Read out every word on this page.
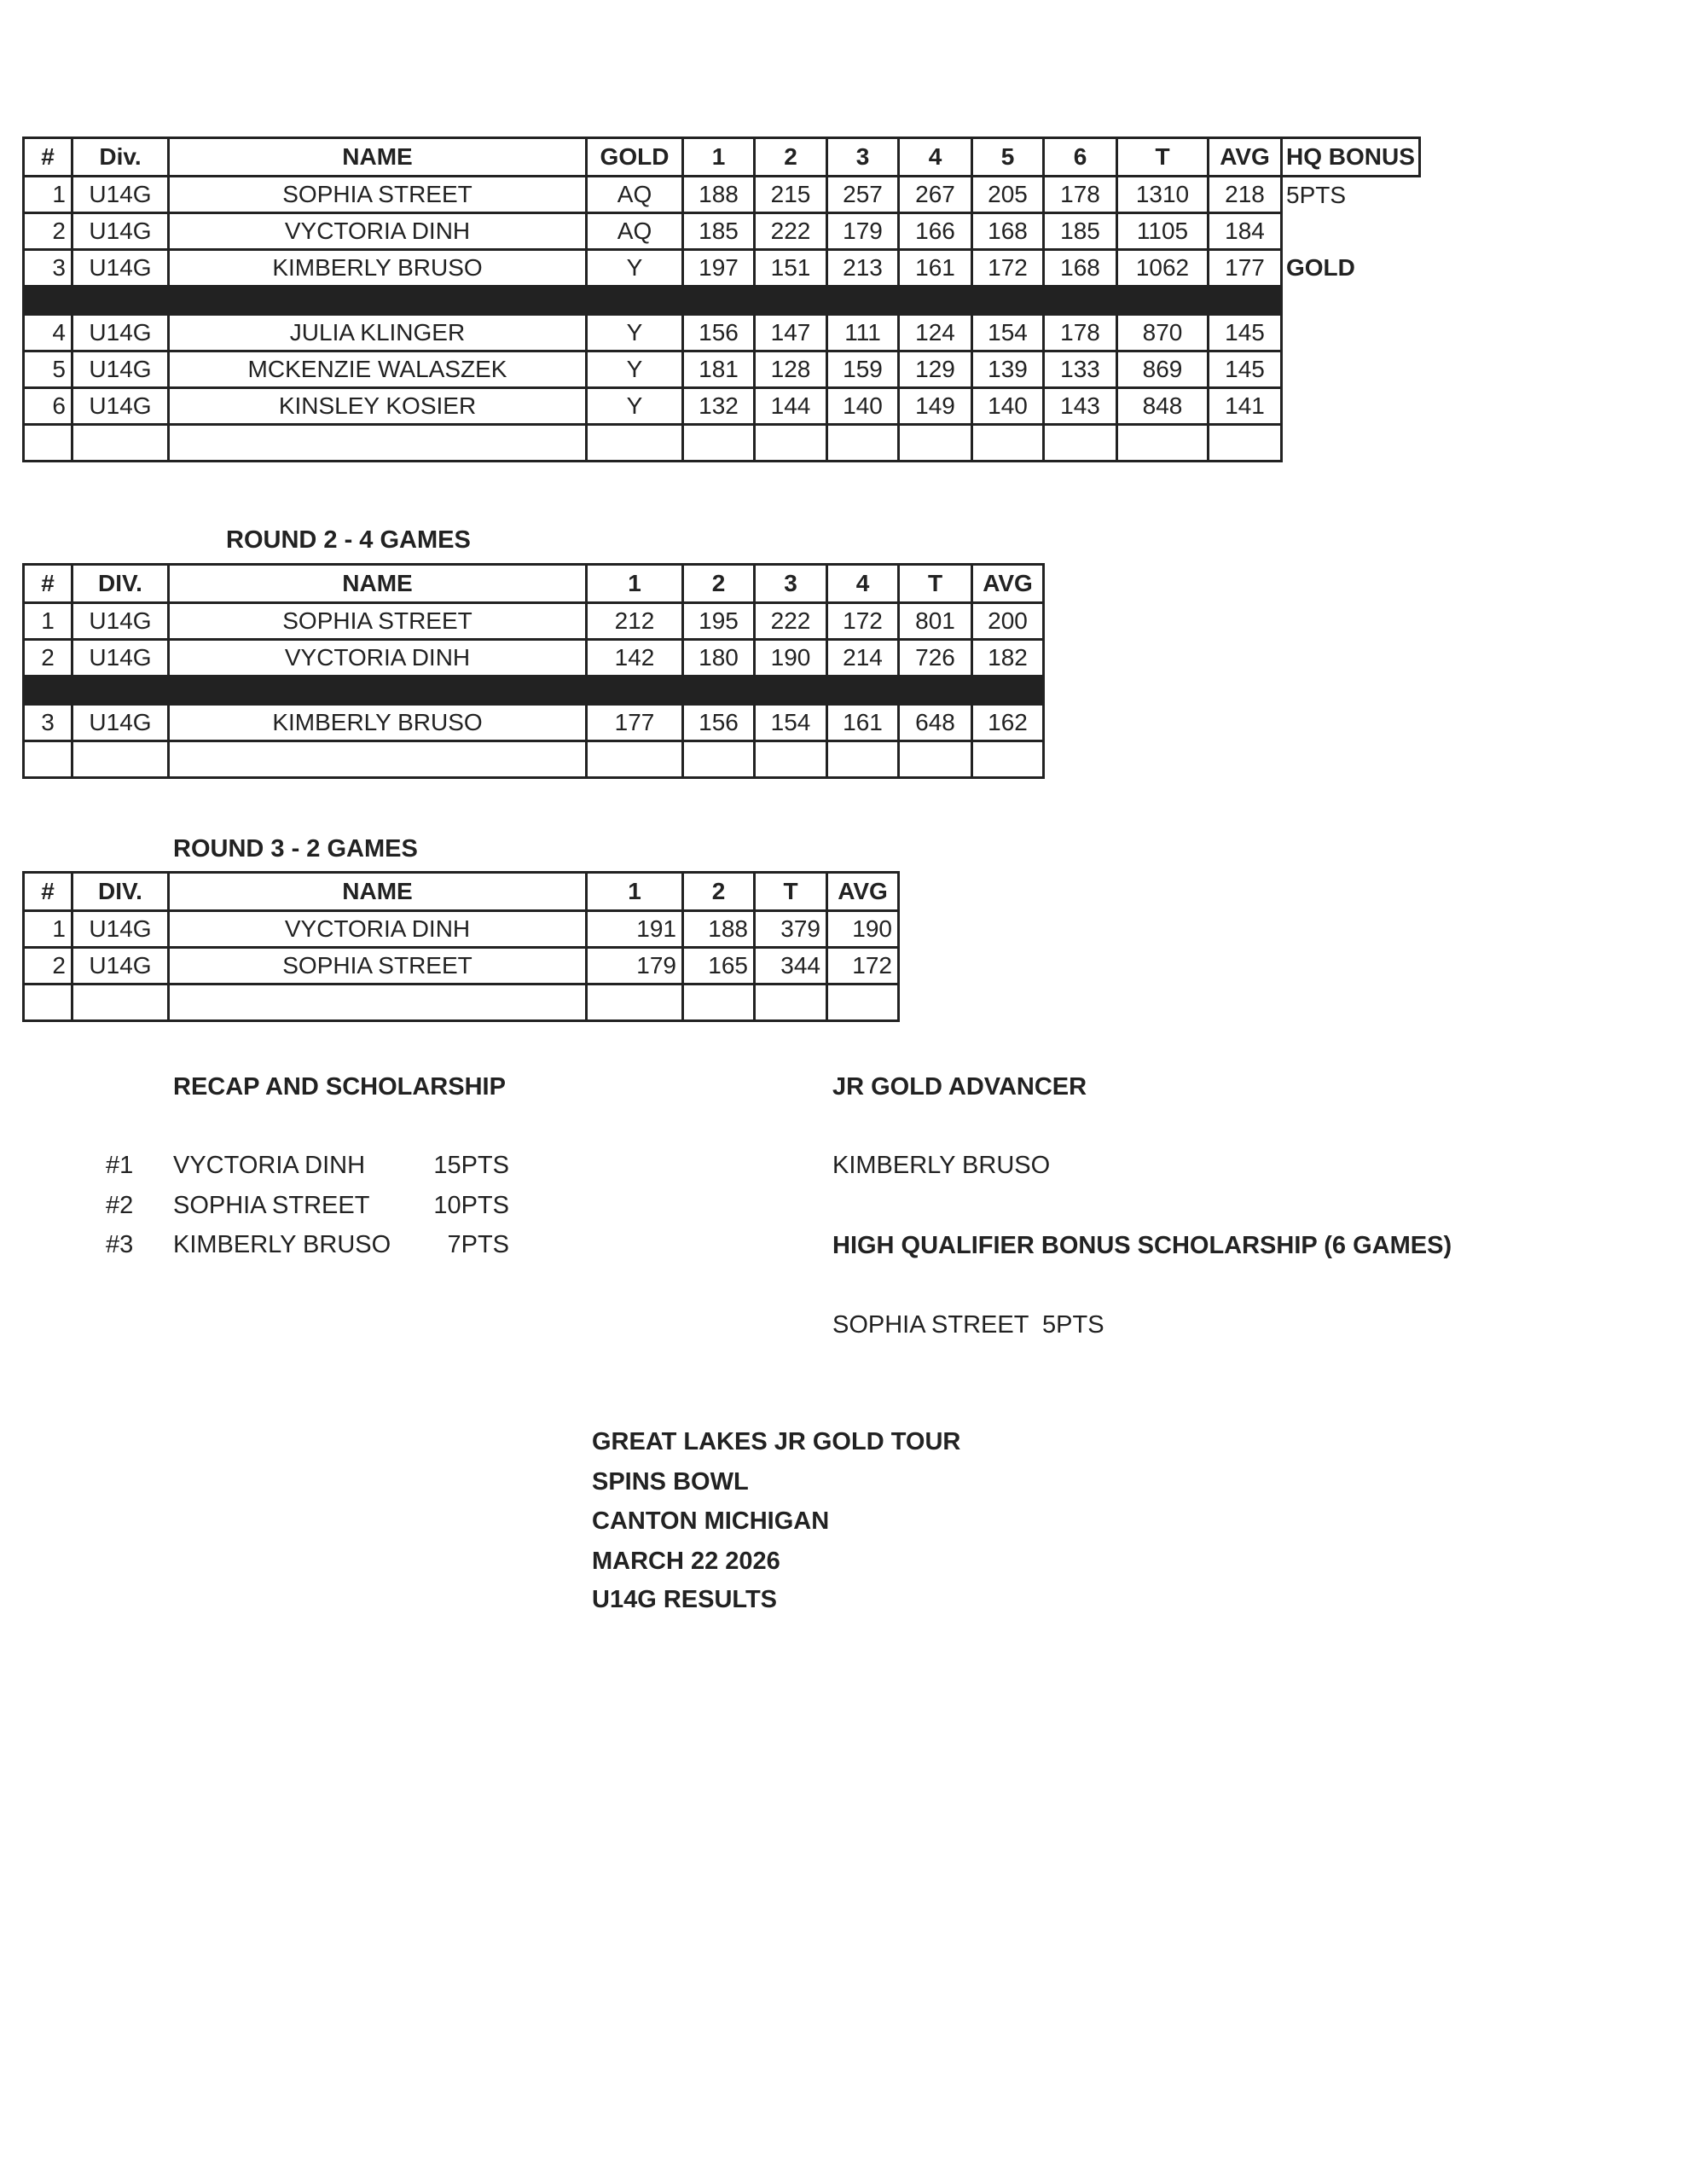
#	Div.	NAME	GOLD	1	2	3	4	5	6	T	AVG	HQ BONUS
1	U14G	SOPHIA STREET	AQ	188	215	257	267	205	178	1310	218	5PTS
2	U14G	VYCTORIA DINH	AQ	185	222	179	166	168	185	1105	184	
3	U14G	KIMBERLY BRUSO	Y	197	151	213	161	172	168	1062	177	GOLD

4	U14G	JULIA KLINGER	Y	156	147	111	124	154	178	870	145	
5	U14G	MCKENZIE WALASZEK	Y	181	128	159	129	139	133	869	145	
6	U14G	KINSLEY KOSIER	Y	132	144	140	149	140	143	848	141	

ROUND 2 - 4 GAMES
#	DIV.	NAME	1	2	3	4	T	AVG
1	U14G	SOPHIA STREET	212	195	222	172	801	200
2	U14G	VYCTORIA DINH	142	180	190	214	726	182

3	U14G	KIMBERLY BRUSO	177	156	154	161	648	162

ROUND 3 - 2 GAMES
#	DIV.	NAME	1	2	T	AVG
1	U14G	VYCTORIA DINH	191	188	379	190
2	U14G	SOPHIA STREET	179	165	344	172

RECAP AND SCHOLARSHIP
#1 VYCTORIA DINH	15PTS
#2 SOPHIA STREET	10PTS
#3 KIMBERLY BRUSO 7PTS
JR GOLD ADVANCER
KIMBERLY BRUSO
HIGH QUALIFIER BONUS SCHOLARSHIP (6 GAMES)
SOPHIA STREET  5PTS
GREAT LAKES JR GOLD TOUR
SPINS BOWL
CANTON MICHIGAN
MARCH 22 2026
U14G RESULTS
